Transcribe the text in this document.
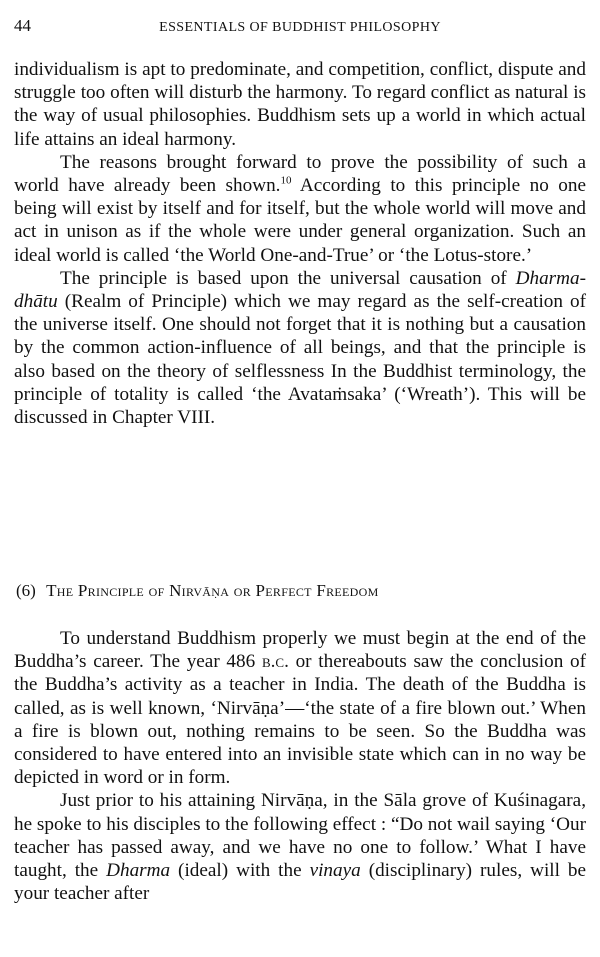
44	ESSENTIALS OF BUDDHIST PHILOSOPHY

individualism is apt to predominate, and competition, conflict, dispute and struggle too often will disturb the harmony. To regard conflict as natural is the way of usual philosophies. Buddhism sets up a world in which actual life attains an ideal harmony.

The reasons brought forward to prove the possibility of such a world have already been shown.$^{10}$ According to this principle no one being will exist by itself and for itself, but the whole world will move and act in unison as if the whole were under general organization. Such an ideal world is called ‘the World One-and-True’ or ‘the Lotus-store.’

The principle is based upon the universal causation of Dharma-dhātu (Realm of Principle) which we may regard as the self-creation of the universe itself. One should not forget that it is nothing but a causation by the common action-influence of all beings, and that the principle is also based on the theory of selflessness In the Buddhist terminology, the principle of totality is called ‘the Avataṁsaka’ (‘Wreath’). This will be discussed in Chapter VIII.

(6) The Principle of Nirvāṇa or Perfect Freedom

To understand Buddhism properly we must begin at the end of the Buddha’s career. The year 486 b.c. or thereabouts saw the conclusion of the Buddha’s activity as a teacher in India. The death of the Buddha is called, as is well known, ‘Nirvāṇa’—‘the state of a fire blown out.’ When a fire is blown out, nothing remains to be seen. So the Buddha was considered to have entered into an invisible state which can in no way be depicted in word or in form.

Just prior to his attaining Nirvāṇa, in the Sāla grove of Kuśinagara, he spoke to his disciples to the following effect : “Do not wail saying ‘Our teacher has passed away, and we have no one to follow.’ What I have taught, the Dharma (ideal) with the vinaya (disciplinary) rules, will be your teacher after
